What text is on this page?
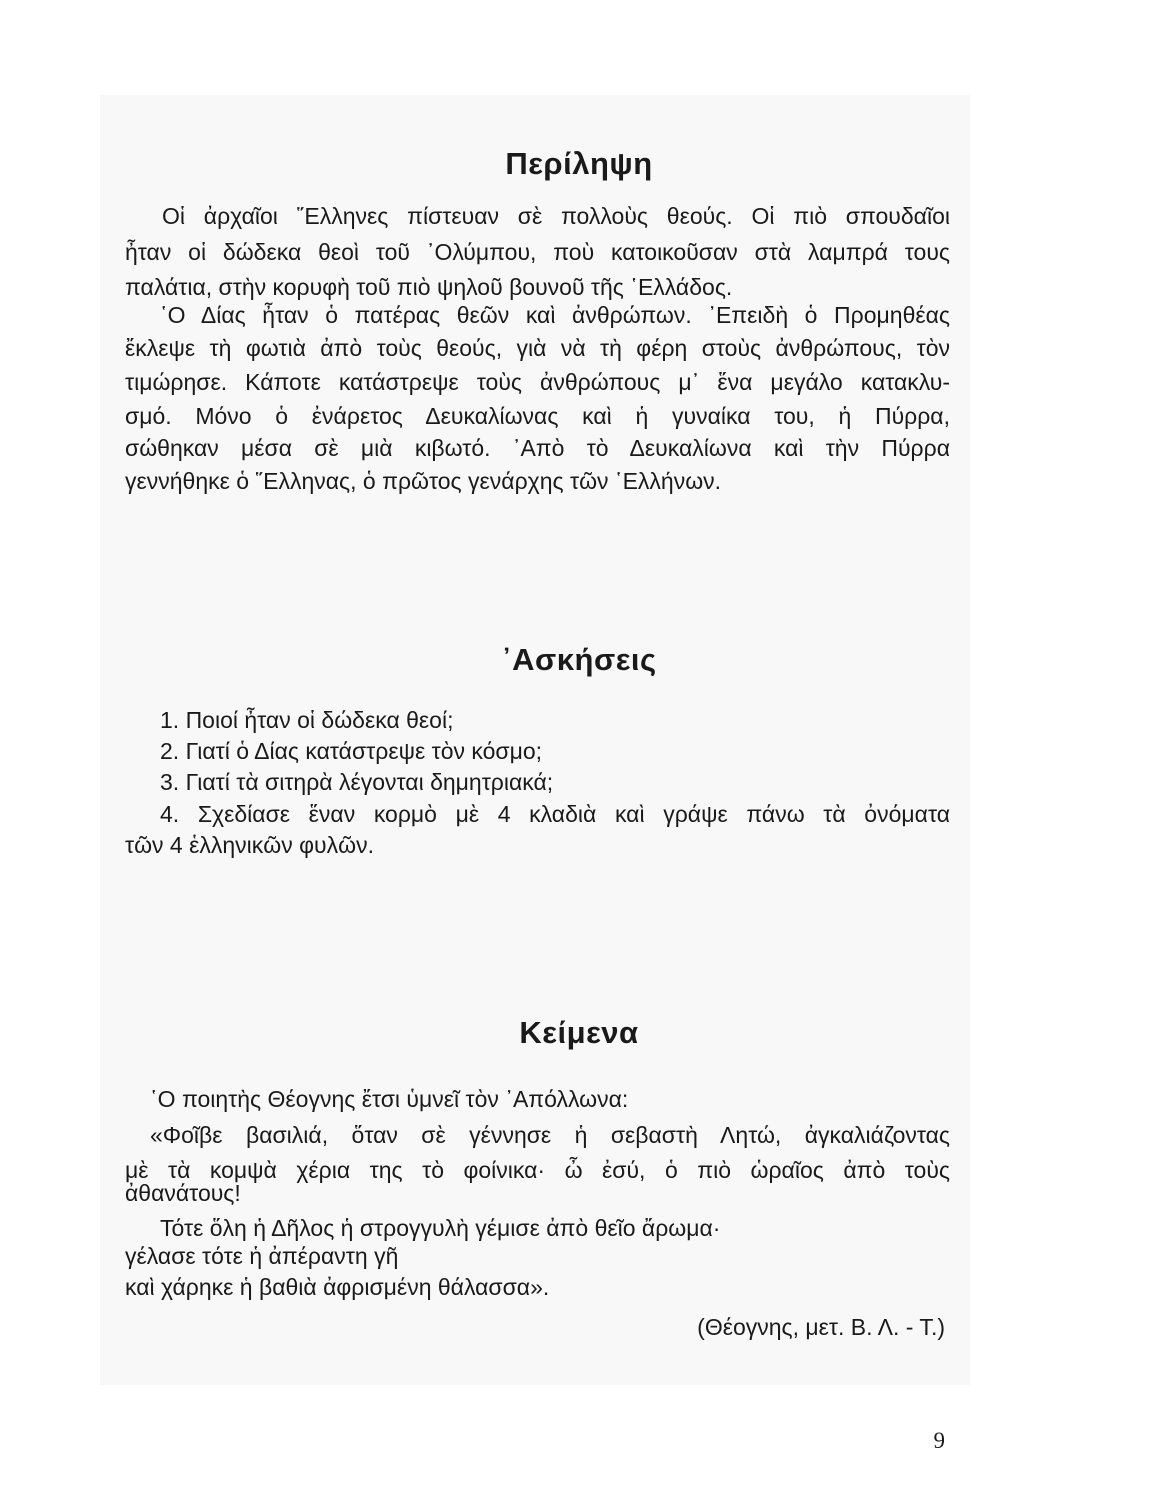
Περίληψη
Οἱ ἀρχαῖοι ῞Ελληνες πίστευαν σὲ πολλοὺς θεούς. Οἱ πιὸ σπουδαῖοι
ἦταν οἱ δώδεκα θεοὶ τοῦ ᾿Ολύμπου, ποὺ κατοικοῦσαν στὰ λαμπρά τους
παλάτια, στὴν κορυφὴ τοῦ πιὸ ψηλοῦ βουνοῦ τῆς ῾Ελλάδος.
῾Ο Δίας ἦταν ὁ πατέρας θεῶν καὶ ἀνθρώπων. ᾿Επειδὴ ὁ Προμηθέας
ἔκλεψε τὴ φωτιὰ ἀπὸ τοὺς θεούς, γιὰ νὰ τὴ φέρη στοὺς ἀνθρώπους, τὸν
τιμώρησε. Κάποτε κατάστρεψε τοὺς ἀνθρώπους μ᾿ ἕνα μεγάλο κατακλυ-
σμό. Μόνο ὁ ἐνάρετος Δευκαλίωνας καὶ ἡ γυναίκα του, ἡ Πύρρα,
σώθηκαν μέσα σὲ μιὰ κιβωτό. ᾿Απὸ τὸ Δευκαλίωνα καὶ τὴν Πύρρα
γεννήθηκε ὁ ῞Ελληνας, ὁ πρῶτος γενάρχης τῶν ῾Ελλήνων.
᾿Ασκήσεις
1. Ποιοί ἦταν οἱ δώδεκα θεοί;
2. Γιατί ὁ Δίας κατάστρεψε τὸν κόσμο;
3. Γιατί τὰ σιτηρὰ λέγονται δημητριακά;
4. Σχεδίασε ἕναν κορμὸ μὲ 4 κλαδιὰ καὶ γράψε πάνω τὰ ὀνόματα
τῶν 4 ἑλληνικῶν φυλῶν.
Κείμενα
῾Ο ποιητὴς Θέογνης ἔτσι ὑμνεῖ τὸν ᾿Απόλλωνα:
«Φοῖβε βασιλιά, ὅταν σὲ γέννησε ἡ σεβαστὴ Λητώ, ἀγκαλιάζοντας
μὲ τὰ κομψὰ χέρια της τὸ φοίνικα· ὦ ἐσύ, ὁ πιὸ ὡραῖος ἀπὸ τοὺς
ἀθανάτους!
Τότε ὅλη ἡ Δῆλος ἡ στρογγυλὴ γέμισε ἀπὸ θεῖο ἄρωμα·
γέλασε τότε ἡ ἀπέραντη γῆ
καὶ χάρηκε ἡ βαθιὰ ἀφρισμένη θάλασσα».
(Θέογνης, μετ. Β. Λ. - Τ.)
9
